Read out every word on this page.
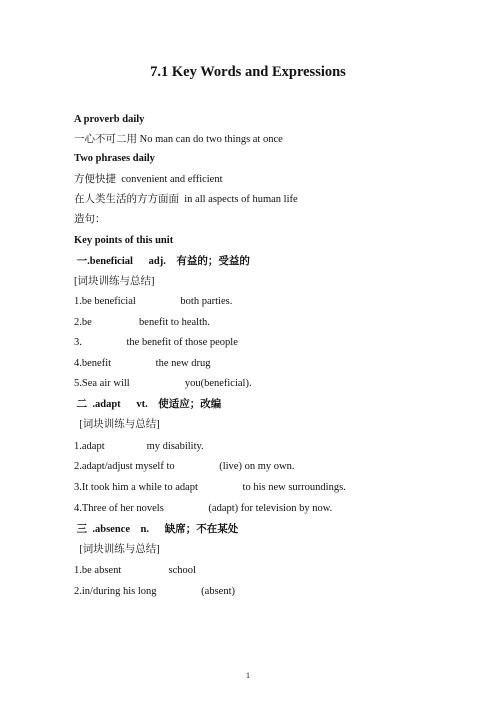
7.1 Key Words and Expressions
A proverb daily
一心不可二用 No man can do two things at once
Two phrases daily
方便快捷  convenient and efficient
在人类生活的方方面面  in all aspects of human life
造句：
Key points of this unit
一.beneficial      adj.    有益的；受益的
[词块训练与总结]
1.be beneficial                 both parties.
2.be                  benefit to health.
3.                 the benefit of those people
4.benefit                 the new drug
5.Sea air will                     you(beneficial).
二  .adapt      vt.    使适应；改编
[词块训练与总结]
1.adapt                my disability.
2.adapt/adjust myself to                 (live) on my own.
3.It took him a while to adapt                 to his new surroundings.
4.Three of her novels                 (adapt) for television by now.
三  .absence    n.      缺席；不在某处
[词块训练与总结]
1.be absent                  school
2.in/during his long                 (absent)
1
